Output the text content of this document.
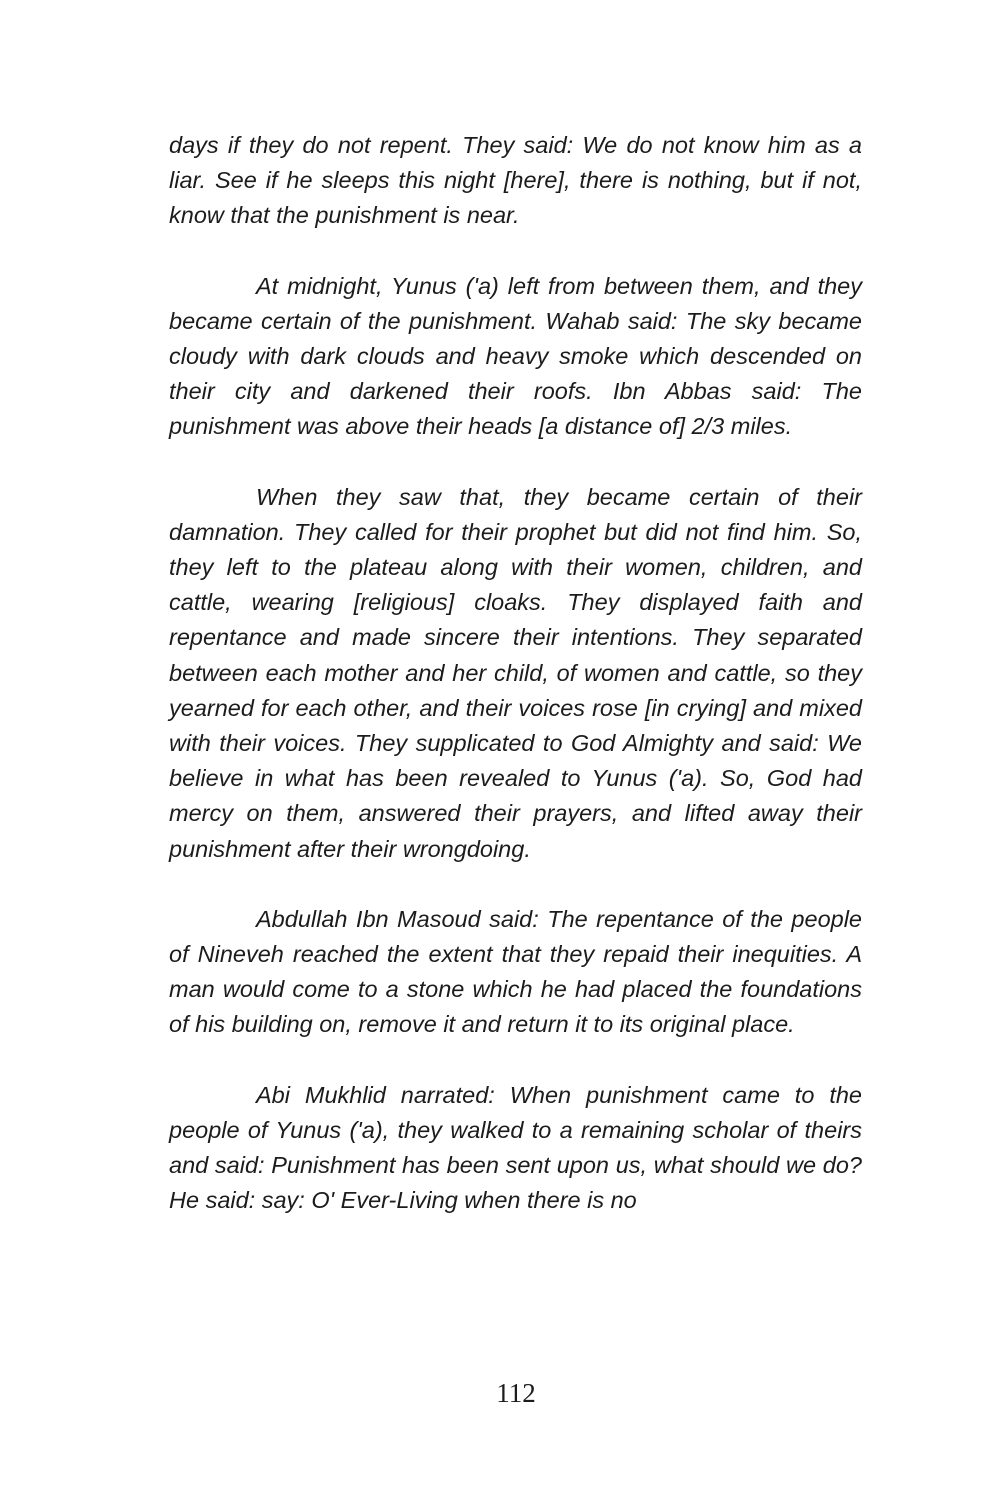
days if they do not repent. They said: We do not know him as a liar. See if he sleeps this night [here], there is nothing, but if not, know that the punishment is near.

At midnight, Yunus ('a) left from between them, and they became certain of the punishment. Wahab said: The sky became cloudy with dark clouds and heavy smoke which descended on their city and darkened their roofs. Ibn Abbas said: The punishment was above their heads [a distance of] 2/3 miles.

When they saw that, they became certain of their damnation. They called for their prophet but did not find him. So, they left to the plateau along with their women, children, and cattle, wearing [religious] cloaks. They displayed faith and repentance and made sincere their intentions. They separated between each mother and her child, of women and cattle, so they yearned for each other, and their voices rose [in crying] and mixed with their voices. They supplicated to God Almighty and said: We believe in what has been revealed to Yunus ('a). So, God had mercy on them, answered their prayers, and lifted away their punishment after their wrongdoing.

Abdullah Ibn Masoud said: The repentance of the people of Nineveh reached the extent that they repaid their inequities. A man would come to a stone which he had placed the foundations of his building on, remove it and return it to its original place.

Abi Mukhlid narrated: When punishment came to the people of Yunus ('a), they walked to a remaining scholar of theirs and said: Punishment has been sent upon us, what should we do? He said: say: O' Ever-Living when there is no

112
